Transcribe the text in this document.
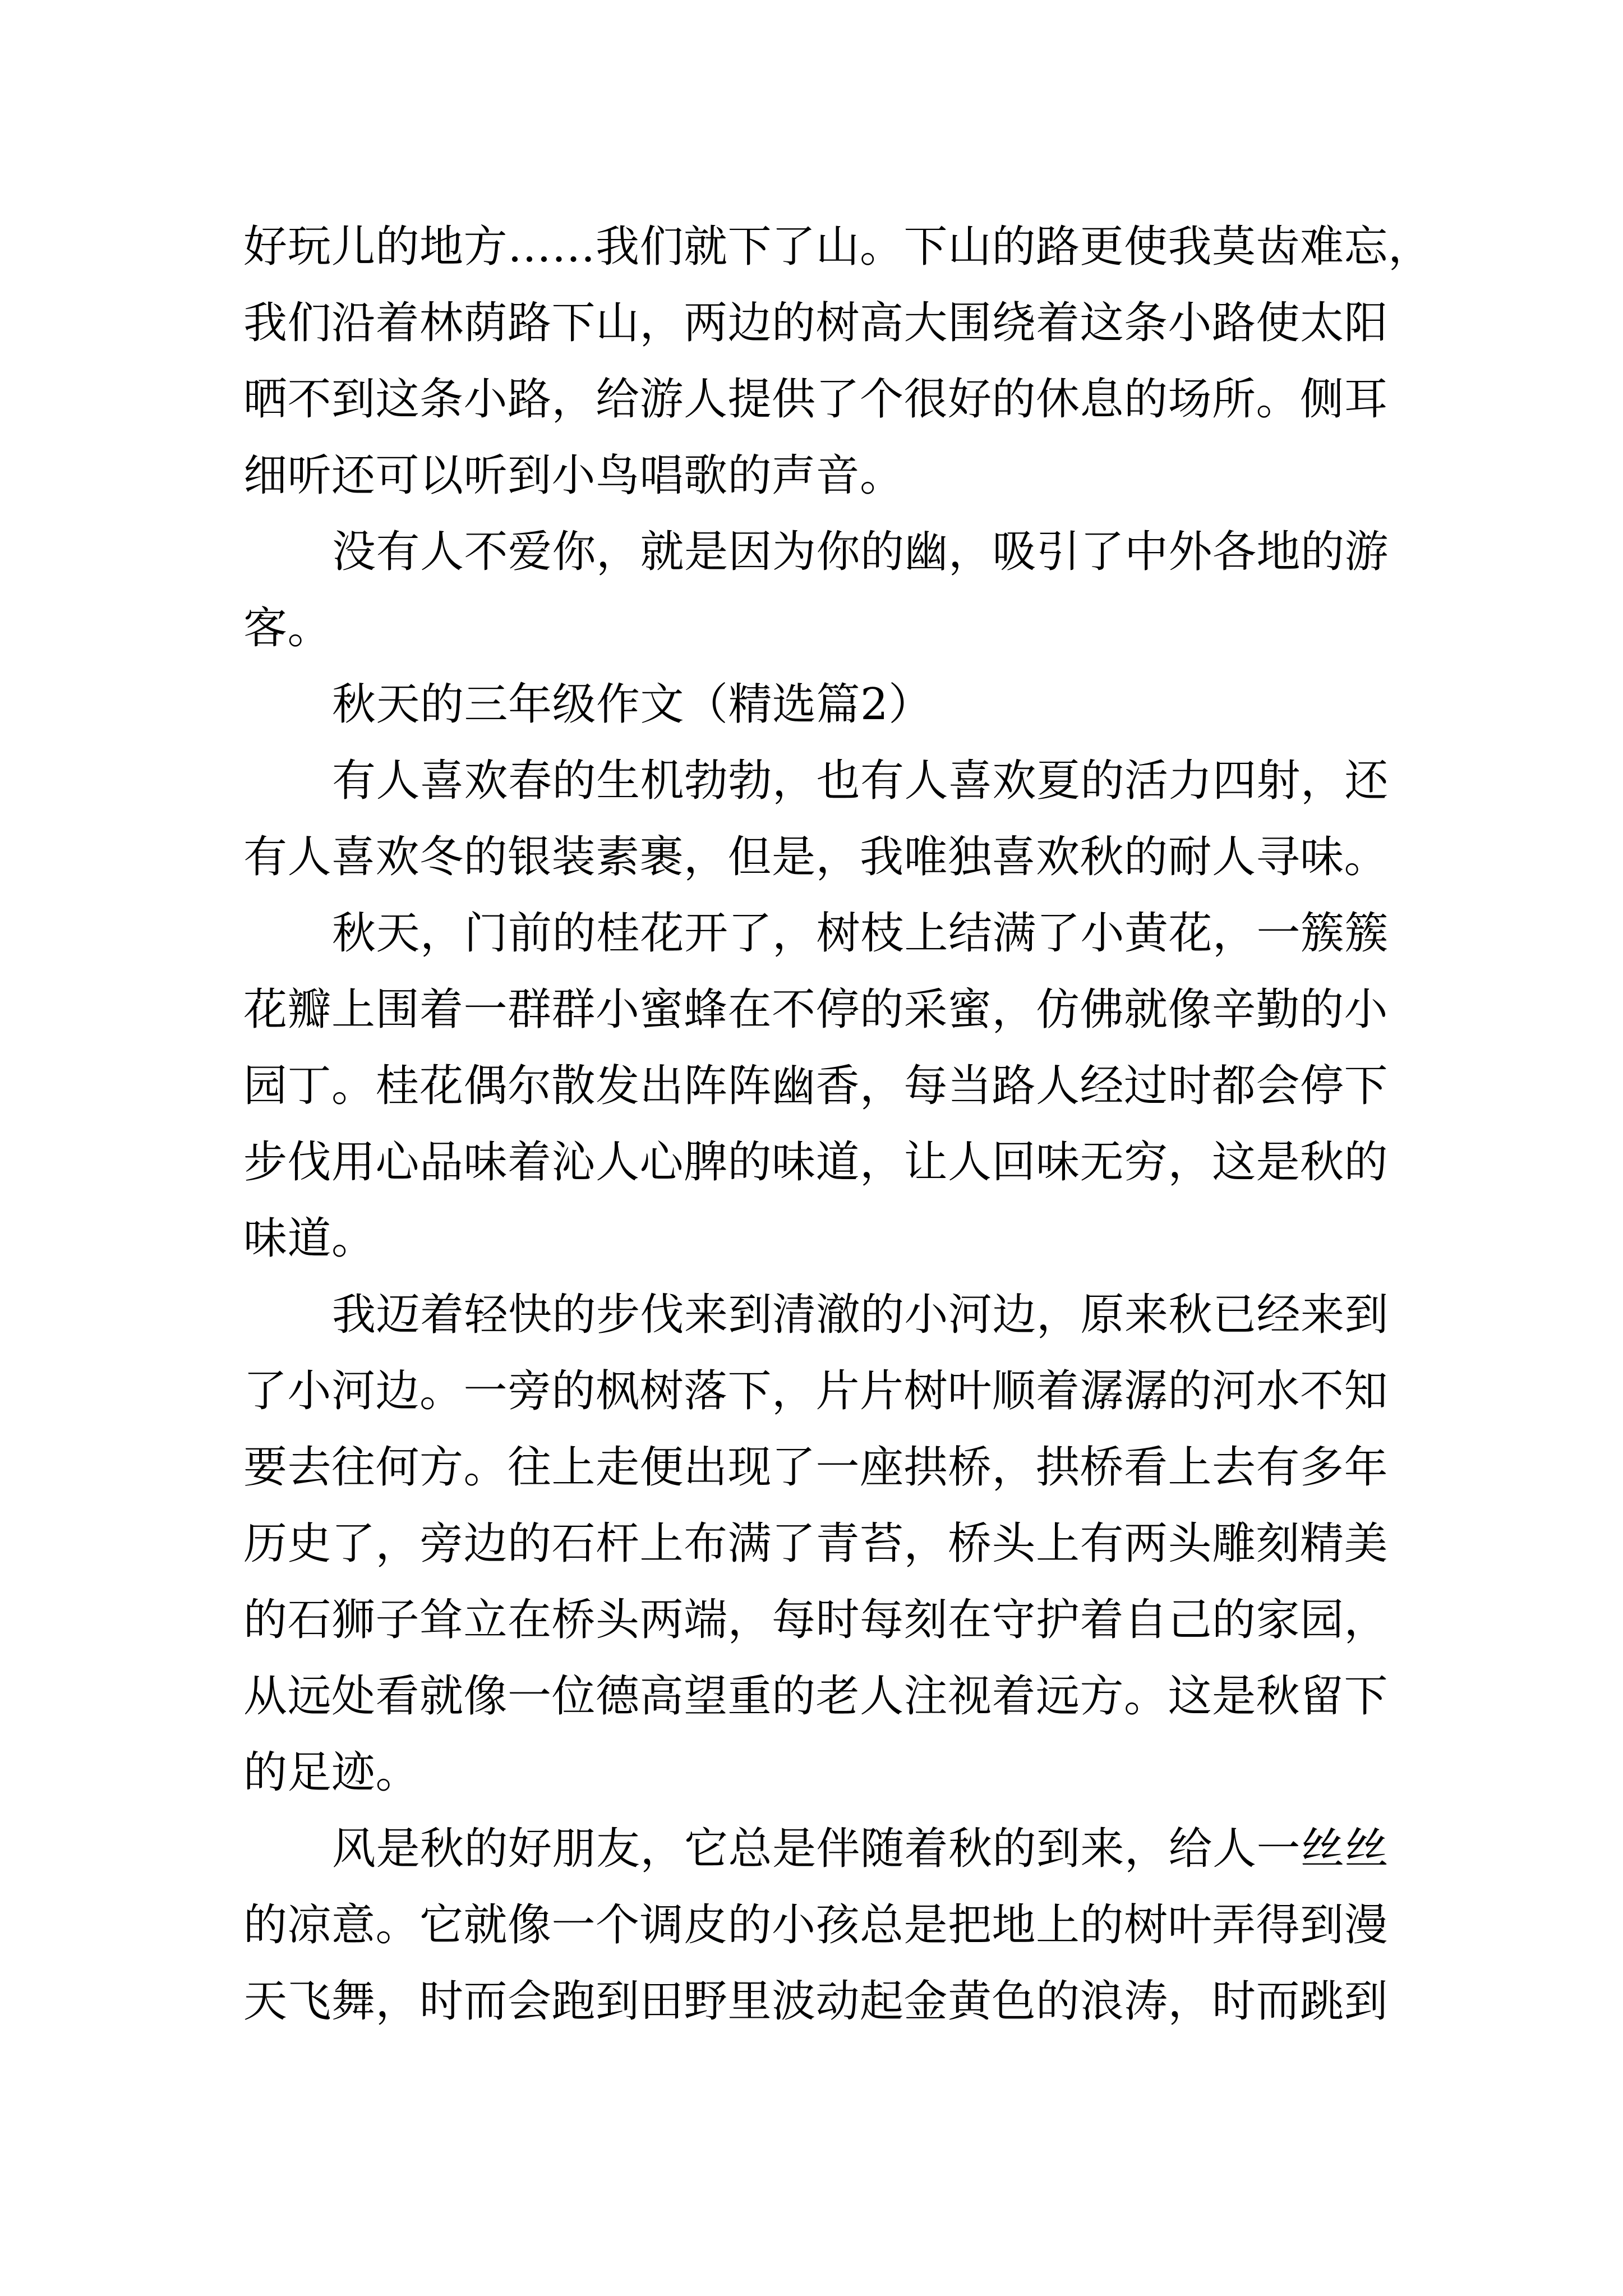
好玩儿的地方……我们就下了山。下山的路更使我莫齿难忘，
我们沿着林荫路下山，两边的树高大围绕着这条小路使太阳
晒不到这条小路，给游人提供了个很好的休息的场所。侧耳
细听还可以听到小鸟唱歌的声音。
没有人不爱你，就是因为你的幽，吸引了中外各地的游
客。
秋天的三年级作文（精选篇2）
有人喜欢春的生机勃勃，也有人喜欢夏的活力四射，还
有人喜欢冬的银装素裹，但是，我唯独喜欢秋的耐人寻味。
秋天，门前的桂花开了，树枝上结满了小黄花，一簇簇
花瓣上围着一群群小蜜蜂在不停的采蜜，仿佛就像辛勤的小
园丁。桂花偶尔散发出阵阵幽香，每当路人经过时都会停下
步伐用心品味着沁人心脾的味道，让人回味无穷，这是秋的
味道。
我迈着轻快的步伐来到清澈的小河边，原来秋已经来到
了小河边。一旁的枫树落下，片片树叶顺着潺潺的河水不知
要去往何方。往上走便出现了一座拱桥，拱桥看上去有多年
历史了，旁边的石杆上布满了青苔，桥头上有两头雕刻精美
的石狮子耸立在桥头两端，每时每刻在守护着自己的家园，
从远处看就像一位德高望重的老人注视着远方。这是秋留下
的足迹。
风是秋的好朋友，它总是伴随着秋的到来，给人一丝丝
的凉意。它就像一个调皮的小孩总是把地上的树叶弄得到漫
天飞舞，时而会跑到田野里波动起金黄色的浪涛，时而跳到
